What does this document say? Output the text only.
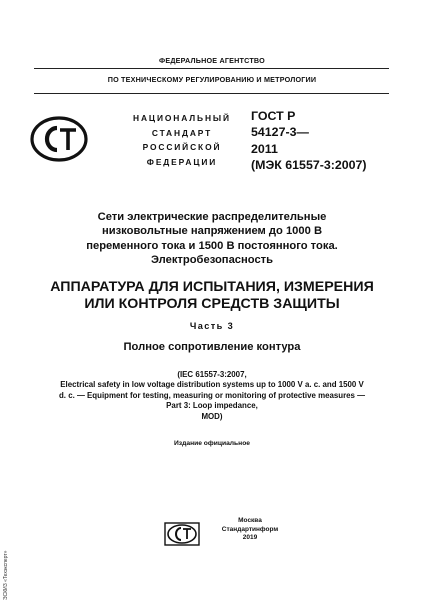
ФЕДЕРАЛЬНОЕ АГЕНТСТВО
ПО ТЕХНИЧЕСКОМУ РЕГУЛИРОВАНИЮ И МЕТРОЛОГИИ
НАЦИОНАЛЬНЫЙ
СТАНДАРТ
РОССИЙСКОЙ
ФЕДЕРАЦИИ
ГОСТ Р
54127-3—
2011
(МЭК 61557-3:2007)
Сети электрические распределительные
низковольтные напряжением до 1000 В
переменного тока и 1500 В постоянного тока.
Электробезопасность
АППАРАТУРА ДЛЯ ИСПЫТАНИЯ, ИЗМЕРЕНИЯ
ИЛИ КОНТРОЛЯ СРЕДСТВ ЗАЩИТЫ
Часть 3
Полное сопротивление контура
(IEC 61557-3:2007,
Electrical safety in low voltage distribution systems up to 1000 V a. c. and 1500 V
d. c. — Equipment for testing, measuring or monitoring of protective measures —
Part 3: Loop impedance,
MOD)
Издание официальное
ЭСКИЗ «Техэксперт»
Москва
Стандартинформ
2019
